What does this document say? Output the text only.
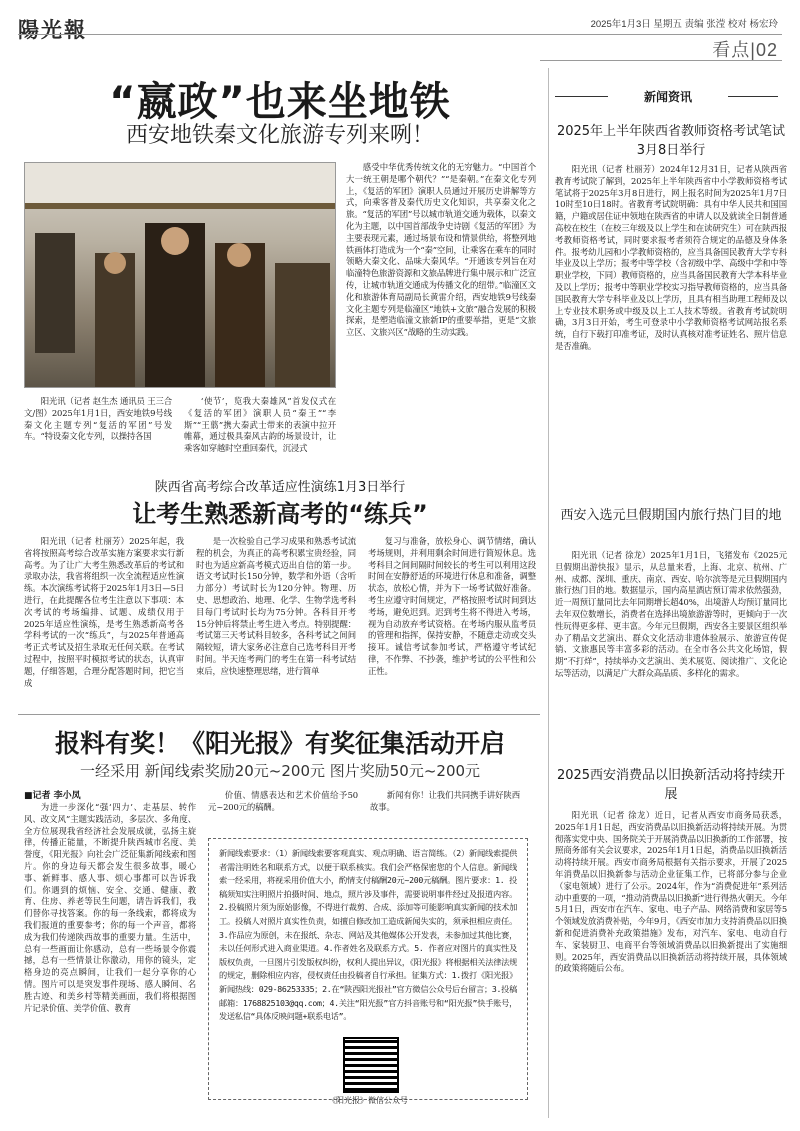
陽光報	2025年1月3日 星期五 责编 张滢 校对 杨宏玲
看点|02
“嬴政”也来坐地铁
西安地铁秦文化旅游专列来咧！
阳光讯（记者 赵生杰 通讯员 王三合 文/图）2025年1月1日，西安地铁9号线秦文化主题专列“复活的军团”号发车。“特设秦文化专列，以操持各国
‘使节’，览我大秦雄风”首发仪式在《复活的军团》演职人员“秦王”“李斯”“王翦”携大秦武士带来的表演中拉开帷幕，通过极具秦风古韵的场景设计，让乘客如穿越时空重回秦代，沉浸式
感受中华优秀传统文化的无穷魅力。“中国首个大一统王朝是哪个朝代？”“是秦朝。”在秦文化专列上，《复活的军团》演职人员通过开展历史讲解等方式，向乘客普及秦代历史文化知识，共享秦文化之旅。“复活的军团”号以城市轨道交通为载体，以秦文化为主题，以中国首部战争史诗剧《复活的军团》为主要表现元素，通过场景布设和情景供给，将整列地铁画体打造成为一个“秦”空间，让乘客在乘车的同时领略大秦文化、品味大秦风华。“开通该专列旨在对临潼特色旅游资源和文旅品牌进行集中展示和广泛宣传，让城市轨道交通成为传播文化的纽带。”临潼区文化和旅游体育局副局长黄雷介绍，西安地铁9号线秦文化主题专列是临潼区“地铁+文旅”融合发展的积极探索，是塑造临潼文旅新IP的重要举措，更是“文旅立区、文旅兴区”战略的生动实践。
陕西省高考综合改革适应性演练1月3日举行
让考生熟悉新高考的“练兵”
阳光讯（记者 杜丽芳）2025年起，我省将按照高考综合改革实施方案要求实行新高考。为了让广大考生熟悉改革后的考试和录取办法，我省将组织一次全流程适应性演练。本次演练考试将于2025年1月3日—5日进行，在此提醒各位考生注意以下事项：本次考试的考场编排、试题、成绩仅用于2025年适应性演练，是考生熟悉新高考各学科考试的一次“练兵”，与2025年普通高考正式考试及招生录取无任何关联。在考试过程中，按照平时模拟考试的状态，认真审题，仔细答题，合理分配答题时间，把它当成
是一次检验自己学习成果和熟悉考试流程的机会，为真正的高考积累宝贵经验，同时也为适应新高考模式迈出自信的第一步。语文考试时长150分钟，数学和外语（含听力部分）考试时长为120分钟。物理、历史、思想政治、地理、化学、生物学选考科目每门考试时长均为75分钟。各科目开考15分钟后将禁止考生进入考点。特别提醒：考试第三天考试科目较多，各科考试之间间隔较短，请大家务必注意自己选考科目开考时间。半天连考两门的考生在第一科考试结束后，应快速整理思绪，进行简单
复习与准备，放松身心、调节情绪，确认考场规则，并利用剩余时间进行简短休息。选考科目之间间隔时间较长的考生可以利用这段时间在安静舒适的环境进行休息和准备，调整状态，放松心情，并为下一场考试做好准备。考生应遵守时间规定，严格按照考试时间到达考场，避免迟到。迟到考生将不得进入考场，视为自动放弃考试资格。在考场内服从监考员的管理和指挥，保持安静，不随意走动或交头接耳。诚信考试参加考试，严格遵守考试纪律，不作弊、不抄袭，维护考试的公平性和公正性。
报料有奖！《阳光报》有奖征集活动开启
一经采用 新闻线索奖励20元~200元 图片奖励50元~200元
■记者 李小凤
为进一步深化“强‘四力’、走基层、转作风、改文风”主题实践活动，多层次、多角度、全方位展现我省经济社会发展成就，弘扬主旋律，传播正能量，不断提升陕西城市名度、美誉度，《阳光报》向社会广泛征集新闻线索和图片。你的身边每天都会发生很多故事，暖心事、新鲜事、感人事、烦心事都可以告诉我们。你遇到的烦恼、安全、交通、健康、教育、住房、养老等民生问题，请告诉我们，我们替你寻找答案。你的每一条线索，都将成为我们报道的重要参考；你的每一个声音，都将成为我们传递陕西故事的重要力量。生活中，总有一些画面让你感动，总有一些场景令你震撼，总有一些情景让你激动，用你的镜头，定格身边的亮点瞬间，让我们一起分享你的心情。图片可以是突发事件现场、感人瞬间、名胜古迹、和美乡村等精美画面，我们将根据图片记录价值、美学价值、教育
价值、情感表达和艺术价值给予50元~200元的稿酬。
新闻有你！让我们共同携手讲好陕西故事。
新闻线索要求：（1）新闻线索要客观真实、观点明确、语言简练。（2）新闻线索提供者需注明姓名和联系方式，以便于联系核实。我们会严格保密您的个人信息。新闻线索一经采用，将视采用价值大小，酌情支付稿酬20元~200元稿酬。图片要求：1. 投稿须知实注明照片拍摄时间、地点，照片涉及事件，需要说明事件经过及报道内容。2.投稿照片须为原始影像，不得进行裁剪、合成、添加等可能影响真实新闻的技术加工。投稿人对照片真实性负责，如擅自修改加工造成新闻失实的，须承担相应责任。3.作品应为原创，未在报纸、杂志、网站及其他媒体公开发表，未参加过其他比赛，未以任何形式进入商业渠道。4.作者姓名及联系方式。5. 作者应对图片的真实性及版权负责，一旦图片引发版权纠纷，权利人提出异议，《阳光报》将根据相关法律法规的规定，删除相应内容，侵权责任由投稿者自行承担。征集方式：1.拨打《阳光报》新闻热线：029-86253335；2.在“陕西阳光报社”官方微信公众号后台留言；3.投稿邮箱：1768825103@qq.com；4.关注“阳光报”官方抖音账号和“阳光报”快手账号，发送私信“具体反映问题+联系电话”。
《阳光报》微信公众号
新闻资讯
2025年上半年陕西省教师资格考试笔试3月8日举行
阳光讯（记者 杜丽芳）2024年12月31日，记者从陕西省教育考试院了解到，2025年上半年陕西省中小学教师资格考试笔试将于2025年3月8日进行，网上报名时间为2025年1月7日10时至10日18时。省教育考试院明确：具有中华人民共和国国籍，户籍或居住证申领地在陕西省的申请人以及就读全日制普通高校在校生（在校三年级及以上学生和在读研究生）可在陕西报考教师资格考试，同时要求报考者须符合规定的品德及身体条件。报考幼儿园和小学教师资格的，应当具备国民教育大学专科毕业及以上学历；报考中等学校（含初级中学、高级中学和中等职业学校，下同）教师资格的，应当具备国民教育大学本科毕业及以上学历；报考中等职业学校实习指导教师资格的，应当具备国民教育大学专科毕业及以上学历，且具有相当助理工程师及以上专业技术职务或中级及以上工人技术等级。省教育考试院明确，3月3日开始，考生可登录中小学教师资格考试网站报名系统，自行下载打印准考证，及时认真核对准考证姓名、照片信息是否准确。
西安入选元旦假期国内旅行热门目的地
阳光讯（记者 徐龙）2025年1月1日，飞猪发布《2025元旦假期出游快报》显示，从总量来看，上海、北京、杭州、广州、成都、深圳、重庆、南京、西安、哈尔滨等是元旦假期国内旅行热门目的地。数据显示，国内高星酒店预订需求依然强劲，近一周预订量同比去年同期增长超40%，出境游人均预订量同比去年双位数增长，消费者在选择出境旅游游等时，更倾向于一次性玩得更多样、更丰富。今年元旦假期，西安各主要景区组织举办了精品文艺演出、群众文化活动非遗体验展示、旅游宣传促销、文旅惠民等丰富多彩的活动。在全市各公共文化场馆，假期“不打烊”，持续举办文艺演出、美术展览、阅读推广、文化论坛等活动，以满足广大群众高品质、多样化的需求。
2025西安消费品以旧换新活动将持续开展
阳光讯（记者 徐龙）近日，记者从西安市商务局获悉，2025年1月1日起，西安消费品以旧换新活动将持续开展。为贯彻落实党中央、国务院关于开展消费品以旧换新的工作部署，按照商务部有关会议要求，2025年1月1日起，消费品以旧换新活动将持续开展。西安市商务局根据有关指示要求，开展了2025年消费品以旧换新参与活动企业征集工作，已将部分参与企业（家电领域）进行了公示。2024年，作为“消费促进年”系列活动中重要的一项，“推动消费品以旧换新”进行得热火朝天。今年5月1日，西安市在汽车、家电、电子产品、网络消费和家居等5个领域发放消费补贴，今年9月，《西安市加力支持消费品以旧换新和促进消费补充政策措施》发布，对汽车、家电、电动自行车、家装厨卫、电商平台等领域消费品以旧换新提出了实施细则。2025年，西安消费品以旧换新活动将持续开展，具体领域的政策将随后公布。
